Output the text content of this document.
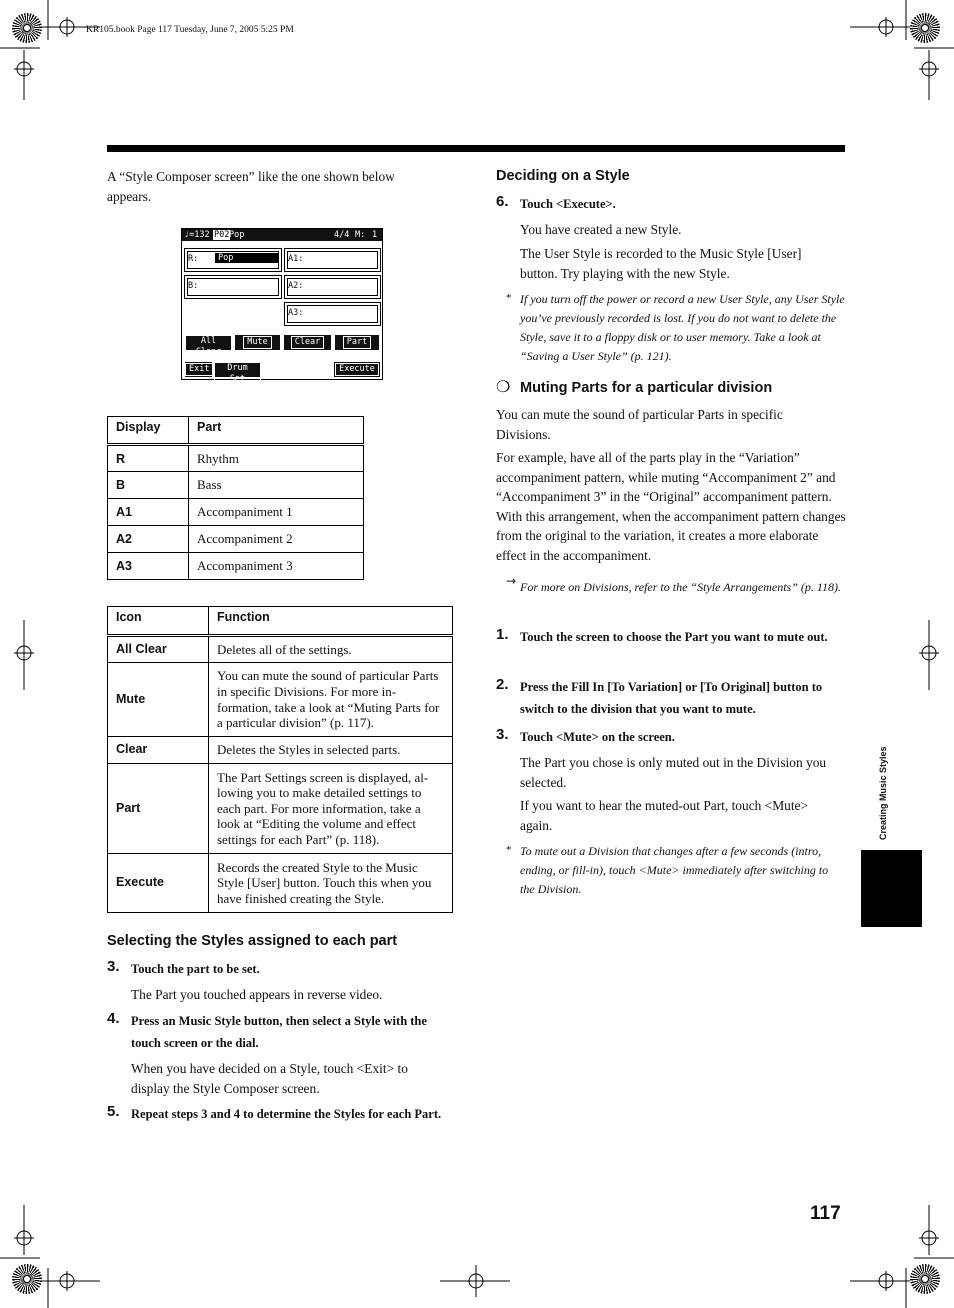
KR105.book Page 117 Tuesday, June 7, 2005 5:25 PM

A “Style Composer screen” like the one shown below appears.

♩=132 P02 Pop	4/4 M: 1
R:	Pop
B:
A1:
A2:
A3:
All Clear
Mute	Clear	Part
Exit	Drum Set
Execute
Display	Part
R	Rhythm
B	Bass
A1	Accompaniment 1
A2	Accompaniment 2
A3	Accompaniment 3
Icon	Function
All Clear	Deletes all of the settings.
Mute	You can mute the sound of particular Parts in specific Divisions. For more in-formation, take a look at “Muting Parts for a particular division” (p. 117).
Clear	Deletes the Styles in selected parts.
Part	The Part Settings screen is displayed, al-lowing you to make detailed settings to each part. For more information, take a look at “Editing the volume and effect settings for each Part” (p. 118).
Execute	Records the created Style to the Music Style [User] button. Touch this when you have finished creating the Style.
Selecting the Styles assigned to each part
3. Touch the part to be set.

The Part you touched appears in reverse video.

4. Press an Music Style button, then select a Style with the touch screen or the dial.

When you have decided on a Style, touch <Exit> to display the Style Composer screen.

5. Repeat steps 3 and 4 to determine the Styles for each Part.

Deciding on a Style
6. Touch <Execute>.

You have created a new Style.

The User Style is recorded to the Music Style [User] button. Try playing with the new Style.

* If you turn off the power or record a new User Style, any User Style you’ve previously recorded is lost. If you do not want to delete the Style, save it to a floppy disk or to user memory. Take a look at “Saving a User Style” (p. 121).

❍ Muting Parts for a particular division

You can mute the sound of particular Parts in specific Divisions.

For example, have all of the parts play in the “Variation” accompaniment pattern, while muting “Accompaniment 2” and “Accompaniment 3” in the “Original” accompaniment pattern. With this arrangement, when the accompaniment pattern changes from the original to the variation, it creates a more elaborate effect in the accompaniment.

→ For more on Divisions, refer to the “Style Arrangements” (p. 118).

1. Touch the screen to choose the Part you want to mute out.

2. Press the Fill In [To Variation] or [To Original] button to switch to the division that you want to mute.

3. Touch <Mute> on the screen.

The Part you chose is only muted out in the Division you selected.

If you want to hear the muted-out Part, touch <Mute> again.

* To mute out a Division that changes after a few seconds (intro, ending, or fill-in), touch <Mute> immediately after switching to the Division.

Creating Music Styles
117
